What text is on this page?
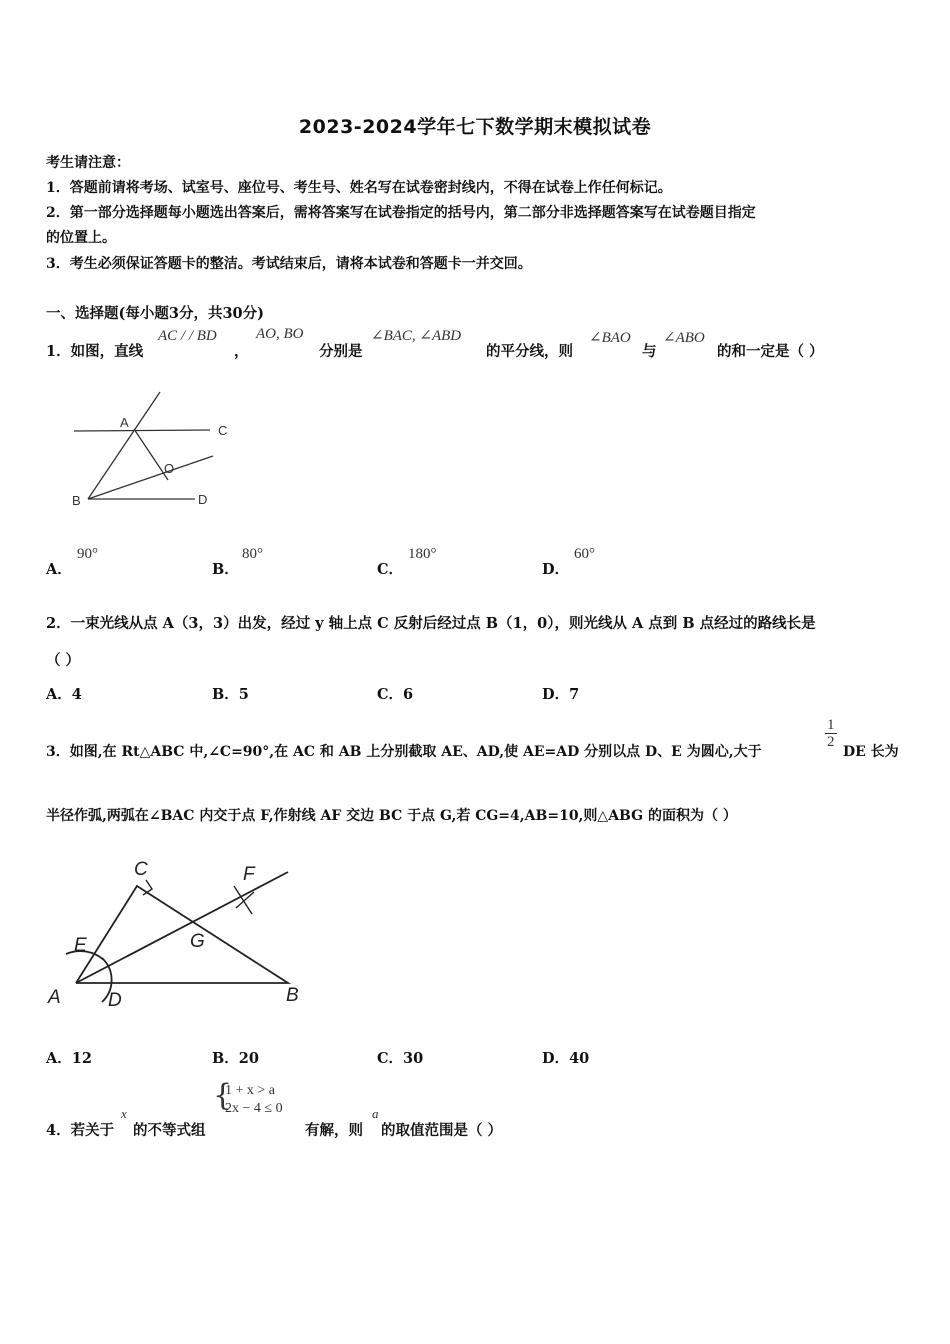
2023-2024学年七下数学期末模拟试卷
考生请注意：
1．答题前请将考场、试室号、座位号、考生号、姓名写在试卷密封线内，不得在试卷上作任何标记。
2．第一部分选择题每小题选出答案后，需将答案写在试卷指定的括号内，第二部分非选择题答案写在试卷题目指定
的位置上。
3．考生必须保证答题卡的整洁。考试结束后，请将本试卷和答题卡一并交回。
一、选择题(每小题3分，共30分)
1．如图，直线
AC / / BD
，
AO, BO
分别是
∠BAC, ∠ABD
的平分线，则
∠BAO
与
∠ABO
的和一定是（ ）
A
C
O
B	D
A．
90°
B．
80°
C．
180°
D．
60°
2．一束光线从点 A（3，3）出发，经过 y 轴上点 C 反射后经过点 B（1，0），则光线从 A 点到 B 点经过的路线长是
（ ）
A．4	B．5	C．6	D．7
3．如图,在 Rt△ABC 中,∠C=90°,在 AC 和 AB 上分别截取 AE、AD,使 AE=AD 分别以点 D、E 为圆心,大于
$\frac{1}{2}$
DE 长为
半径作弧,两弧在∠BAC 内交于点 F,作射线 AF 交边 BC 于点 G,若 CG=4,AB=10,则△ABG 的面积为（ ）
C	F
E	G
A D	B
A．12	B．20	C．30	D．40
4．若关于
x
的不等式组
{
1 + x > a
2x − 4 ≤ 0
有解，则
a
的取值范围是（ ）
